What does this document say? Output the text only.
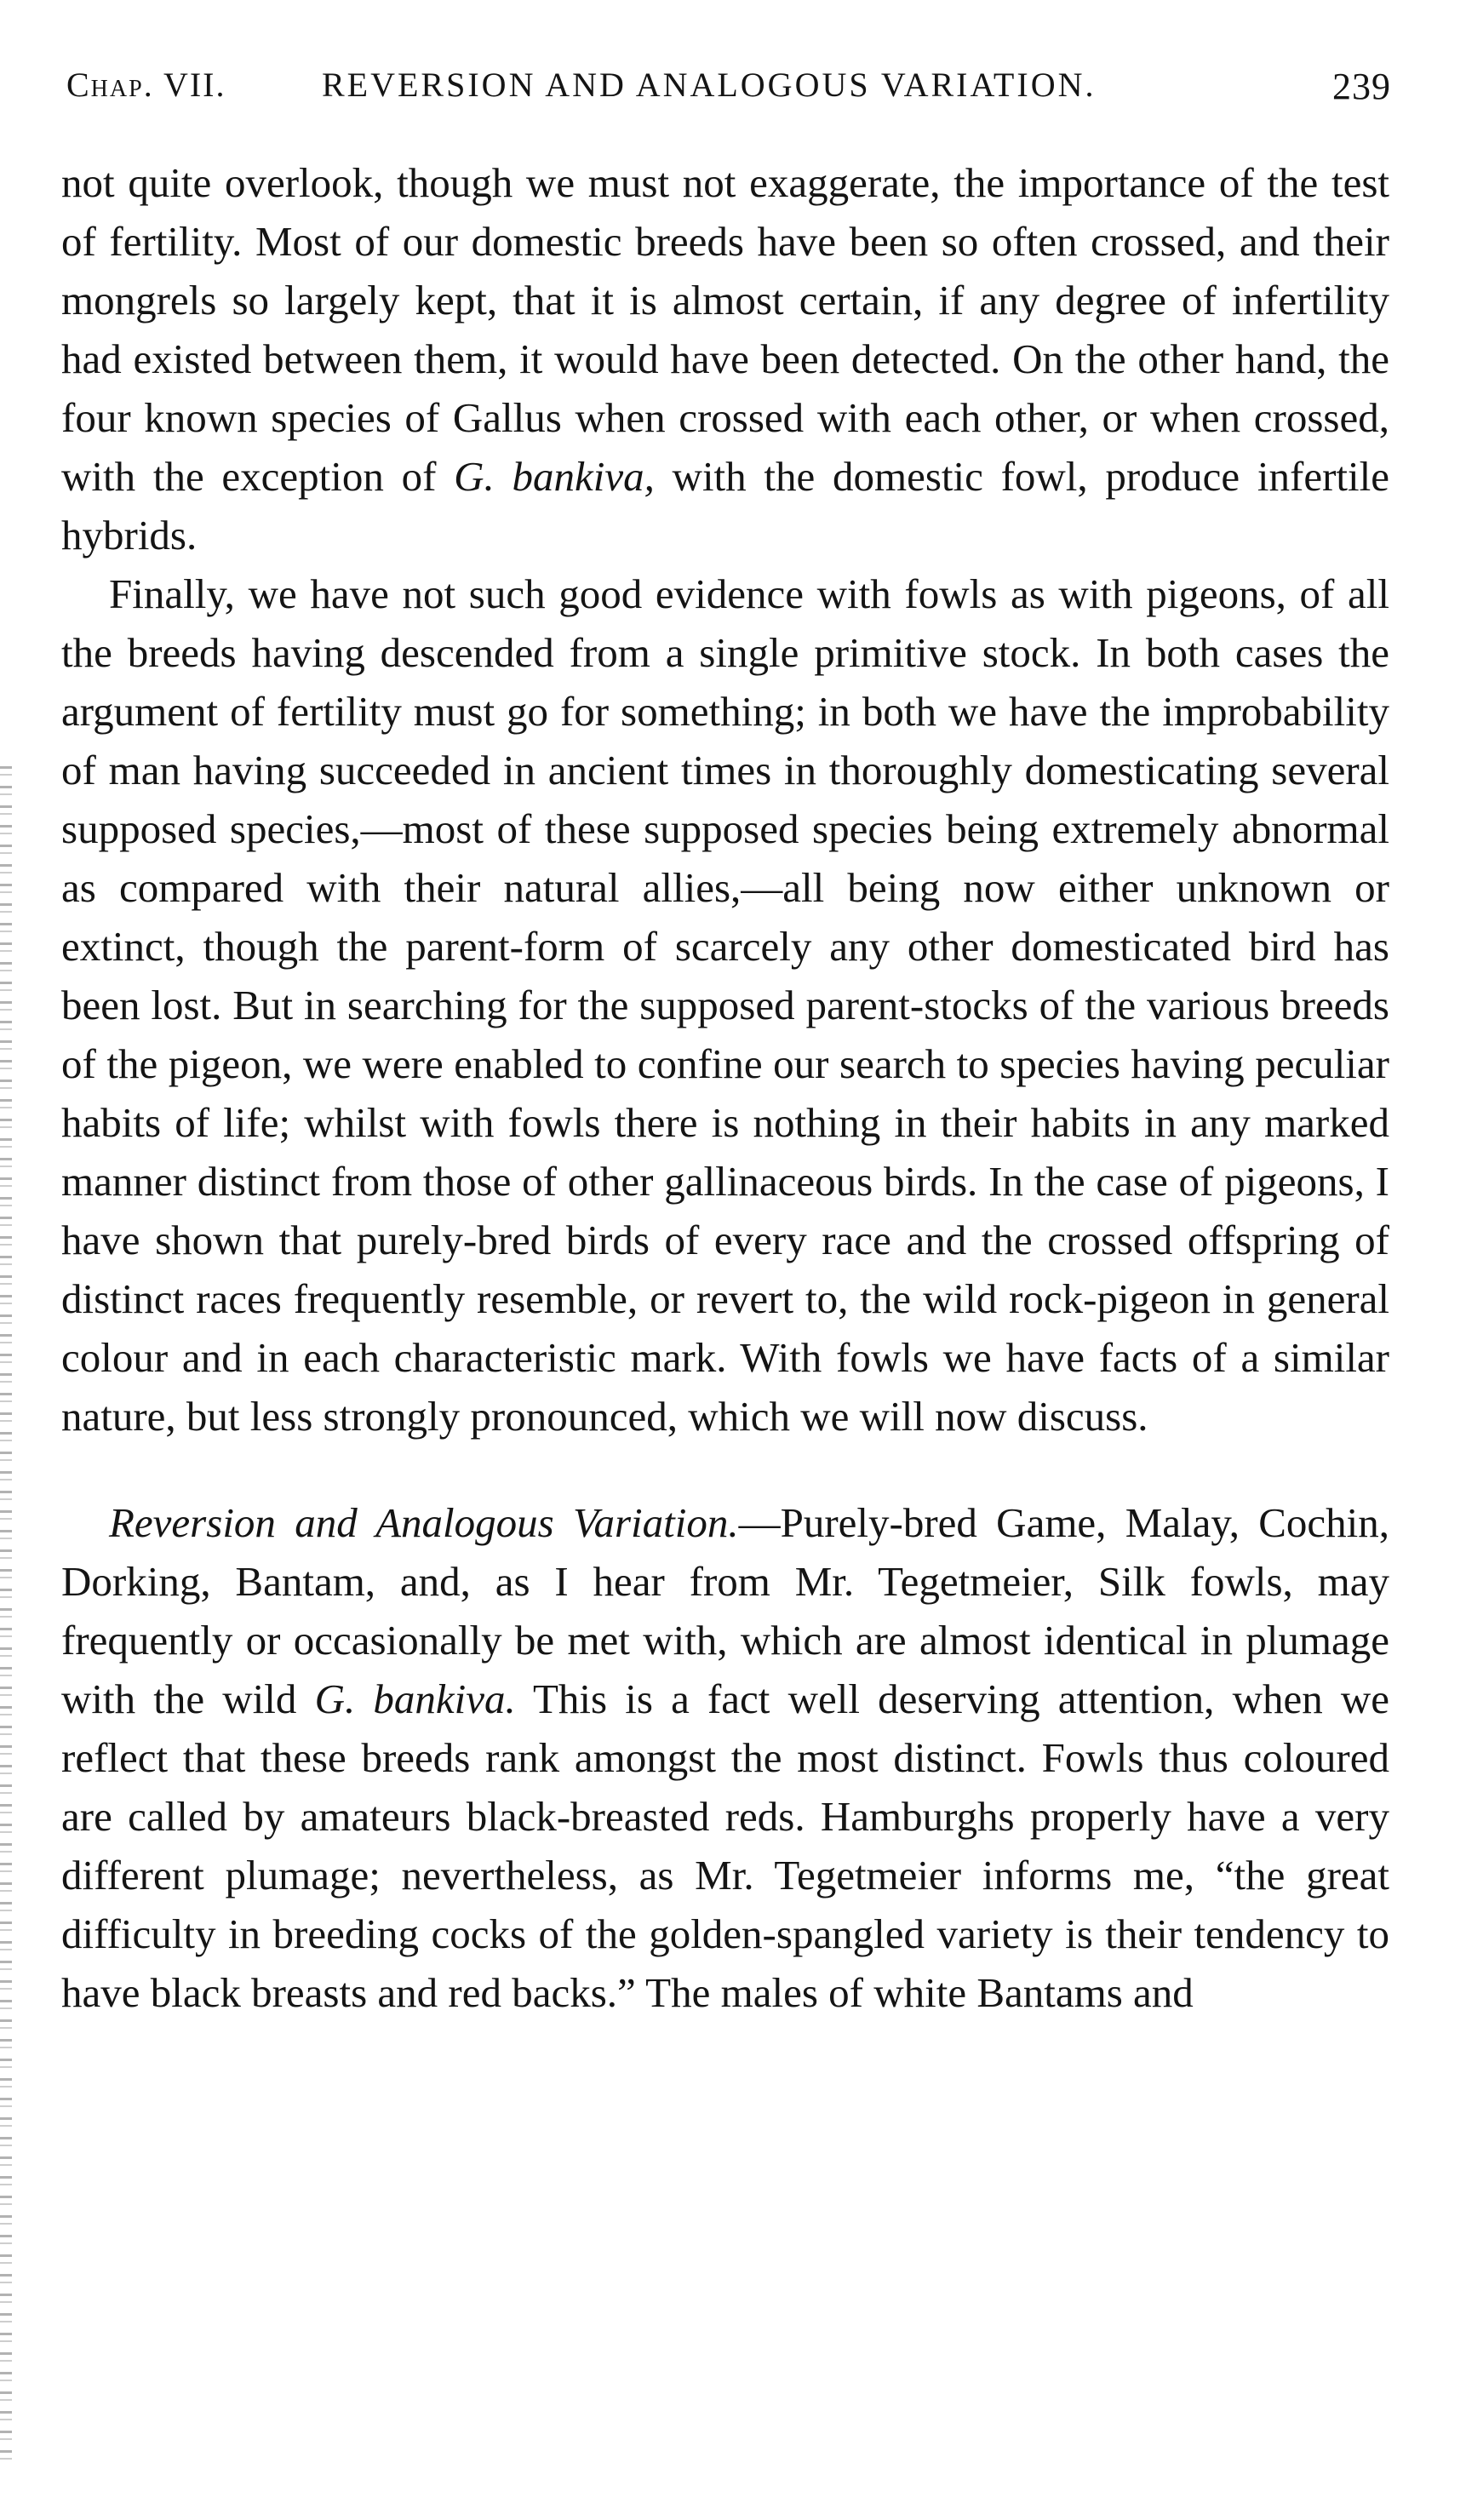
Chap. VII.	REVERSION AND ANALOGOUS VARIATION.	239

not quite overlook, though we must not exaggerate, the importance of the test of fertility. Most of our domestic breeds have been so often crossed, and their mongrels so largely kept, that it is almost certain, if any degree of infertility had existed between them, it would have been detected. On the other hand, the four known species of Gallus when crossed with each other, or when crossed, with the exception of G. bankiva, with the domestic fowl, produce infertile hybrids.

Finally, we have not such good evidence with fowls as with pigeons, of all the breeds having descended from a single primitive stock. In both cases the argument of fertility must go for something; in both we have the improbability of man having succeeded in ancient times in thoroughly domesticating several supposed species,—most of these supposed species being extremely abnormal as compared with their natural allies,—all being now either unknown or extinct, though the parent-form of scarcely any other domesticated bird has been lost. But in searching for the supposed parent-stocks of the various breeds of the pigeon, we were enabled to confine our search to species having peculiar habits of life; whilst with fowls there is nothing in their habits in any marked manner distinct from those of other gallinaceous birds. In the case of pigeons, I have shown that purely-bred birds of every race and the crossed offspring of distinct races frequently resemble, or revert to, the wild rock-pigeon in general colour and in each characteristic mark. With fowls we have facts of a similar nature, but less strongly pronounced, which we will now discuss.

Reversion and Analogous Variation.—Purely-bred Game, Malay, Cochin, Dorking, Bantam, and, as I hear from Mr. Tegetmeier, Silk fowls, may frequently or occasionally be met with, which are almost identical in plumage with the wild G. bankiva. This is a fact well deserving attention, when we reflect that these breeds rank amongst the most distinct. Fowls thus coloured are called by amateurs black-breasted reds. Hamburghs properly have a very different plumage; nevertheless, as Mr. Tegetmeier informs me, “the great difficulty in breeding cocks of the golden-spangled variety is their tendency to have black breasts and red backs.” The males of white Bantams and
